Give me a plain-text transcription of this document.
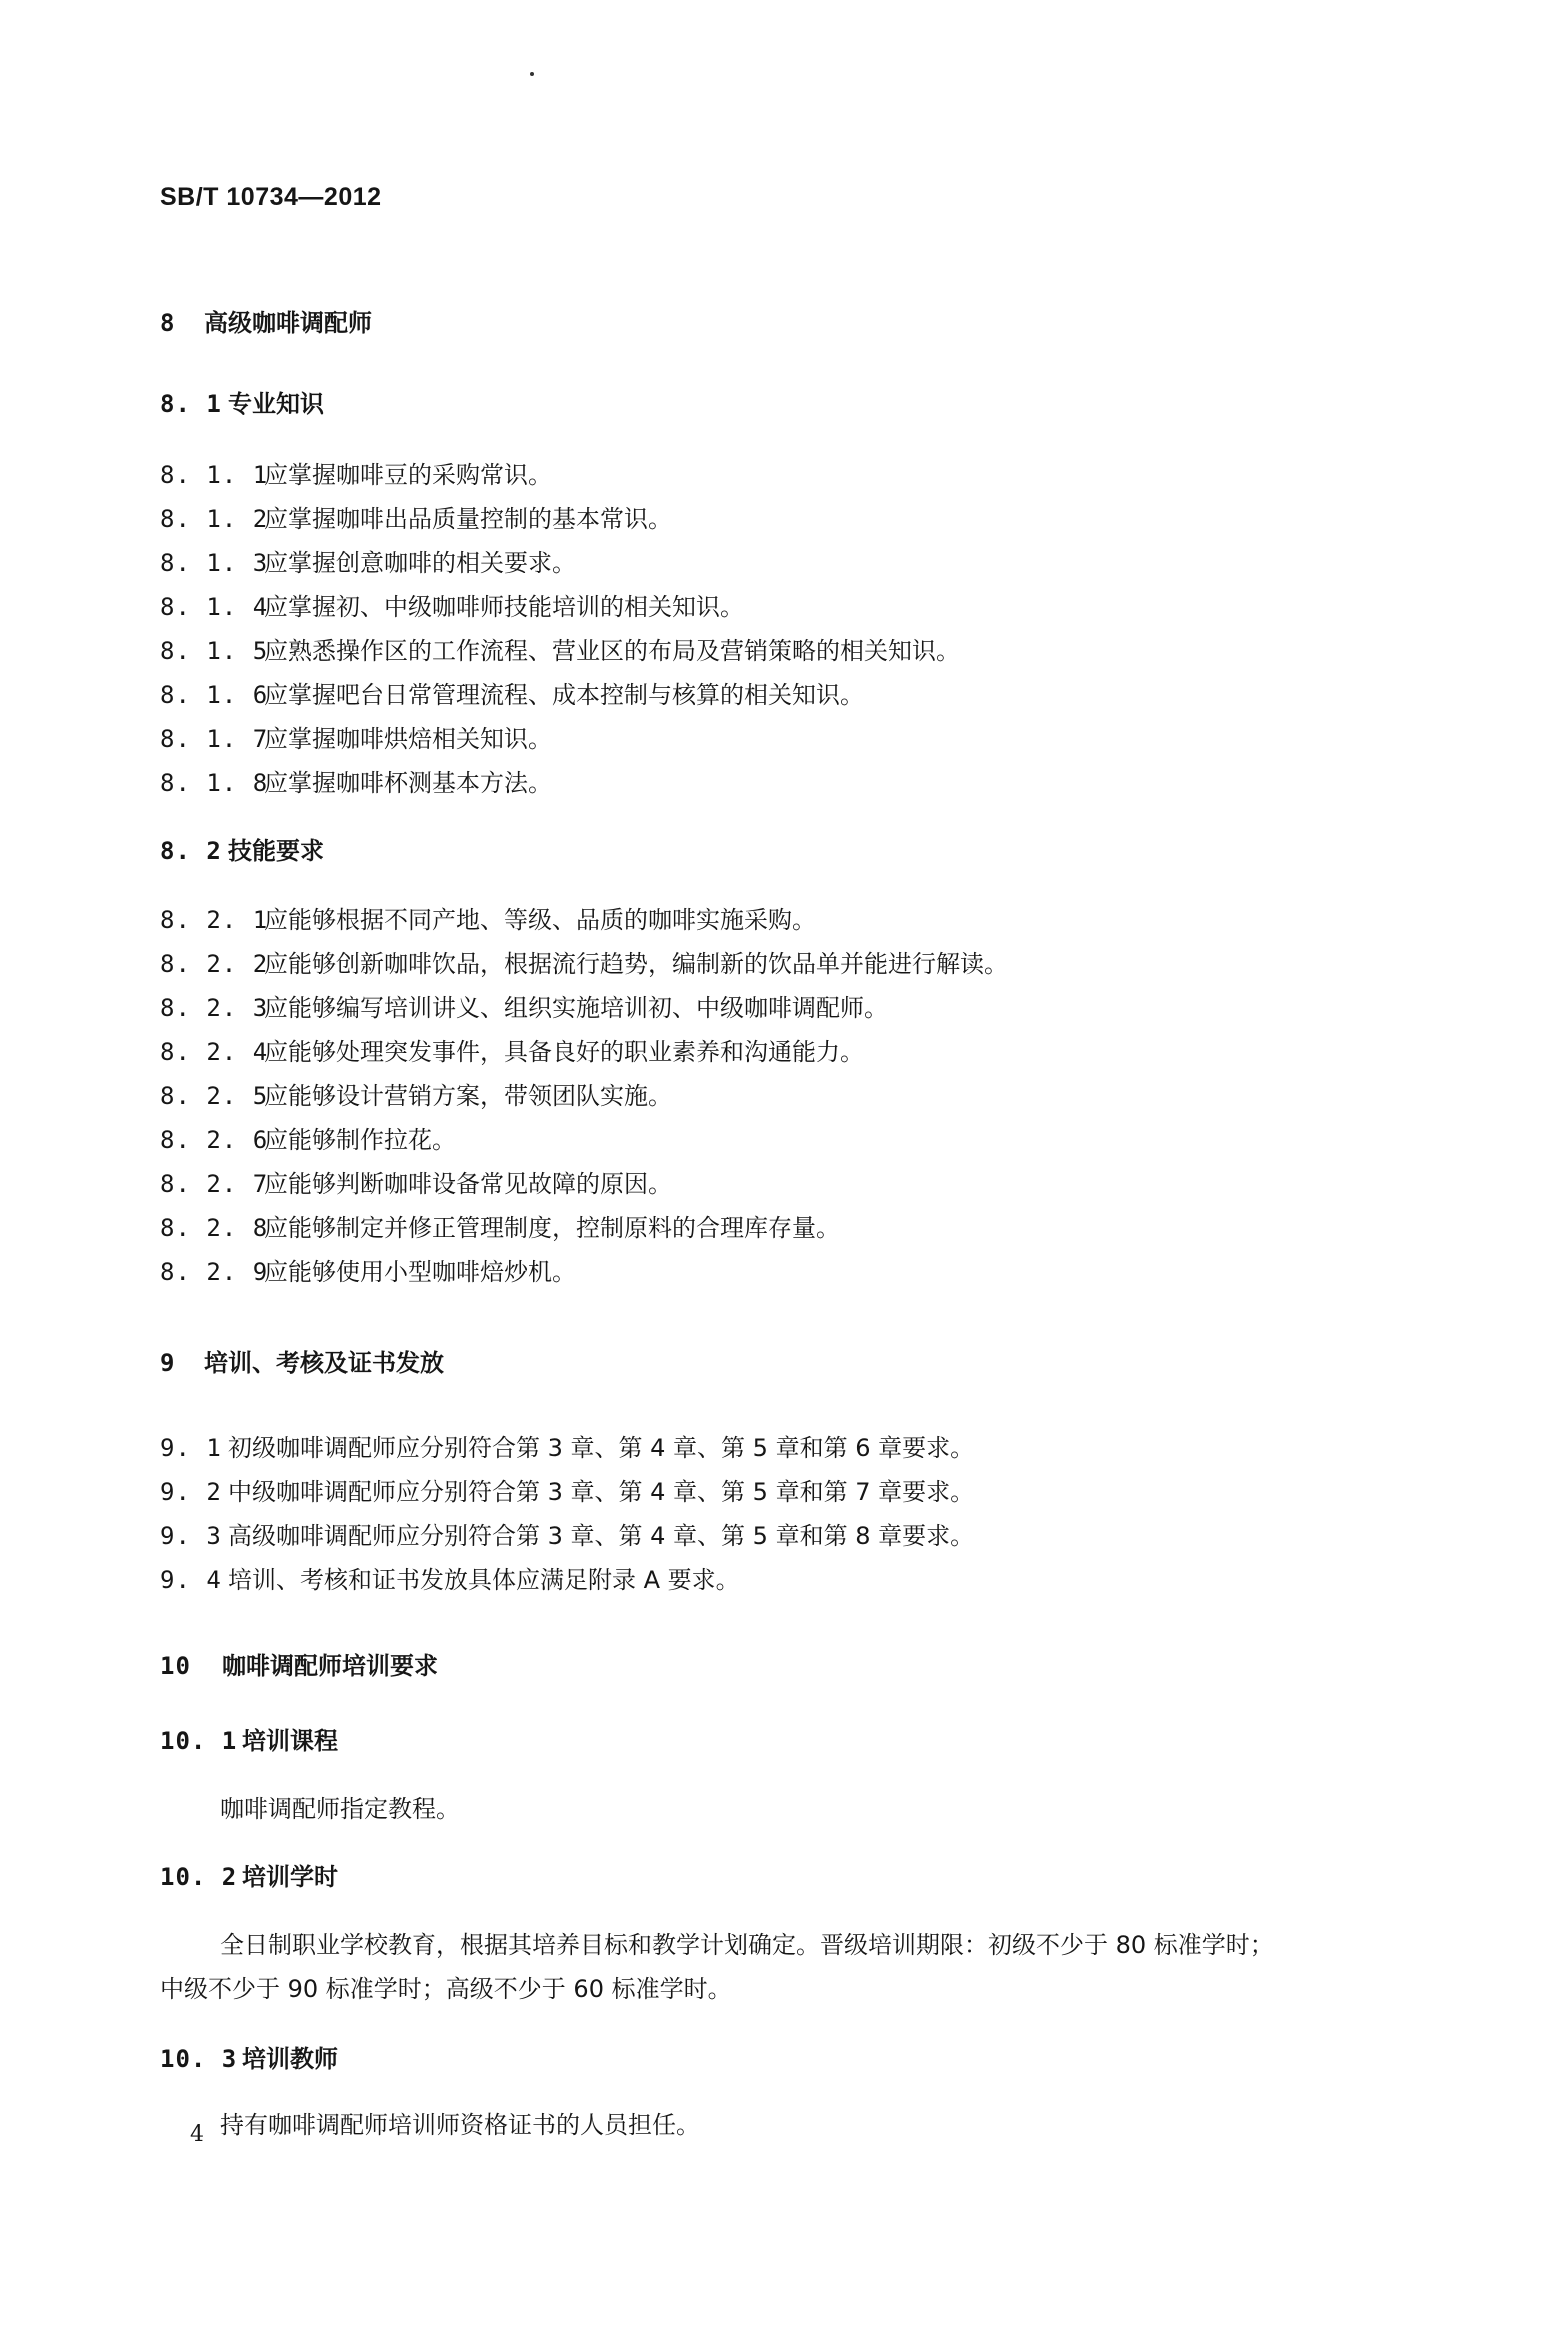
SB/T 10734—2012
8 高级咖啡调配师
8. 1 专业知识
8. 1. 1应掌握咖啡豆的采购常识。
8. 1. 2应掌握咖啡出品质量控制的基本常识。
8. 1. 3应掌握创意咖啡的相关要求。
8. 1. 4应掌握初、中级咖啡师技能培训的相关知识。
8. 1. 5应熟悉操作区的工作流程、营业区的布局及营销策略的相关知识。
8. 1. 6应掌握吧台日常管理流程、成本控制与核算的相关知识。
8. 1. 7应掌握咖啡烘焙相关知识。
8. 1. 8应掌握咖啡杯测基本方法。
8. 2 技能要求
8. 2. 1应能够根据不同产地、等级、品质的咖啡实施采购。
8. 2. 2应能够创新咖啡饮品，根据流行趋势，编制新的饮品单并能进行解读。
8. 2. 3应能够编写培训讲义、组织实施培训初、中级咖啡调配师。
8. 2. 4应能够处理突发事件，具备良好的职业素养和沟通能力。
8. 2. 5应能够设计营销方案，带领团队实施。
8. 2. 6应能够制作拉花。
8. 2. 7应能够判断咖啡设备常见故障的原因。
8. 2. 8应能够制定并修正管理制度，控制原料的合理库存量。
8. 2. 9应能够使用小型咖啡焙炒机。
9 培训、考核及证书发放
9. 1 初级咖啡调配师应分别符合第 3 章、第 4 章、第 5 章和第 6 章要求。
9. 2 中级咖啡调配师应分别符合第 3 章、第 4 章、第 5 章和第 7 章要求。
9. 3 高级咖啡调配师应分别符合第 3 章、第 4 章、第 5 章和第 8 章要求。
9. 4 培训、考核和证书发放具体应满足附录 A 要求。
10 咖啡调配师培训要求
10. 1 培训课程
咖啡调配师指定教程。
10. 2 培训学时
全日制职业学校教育，根据其培养目标和教学计划确定。晋级培训期限：初级不少于 80 标准学时；
中级不少于 90 标准学时；高级不少于 60 标准学时。
10. 3 培训教师
持有咖啡调配师培训师资格证书的人员担任。
4
